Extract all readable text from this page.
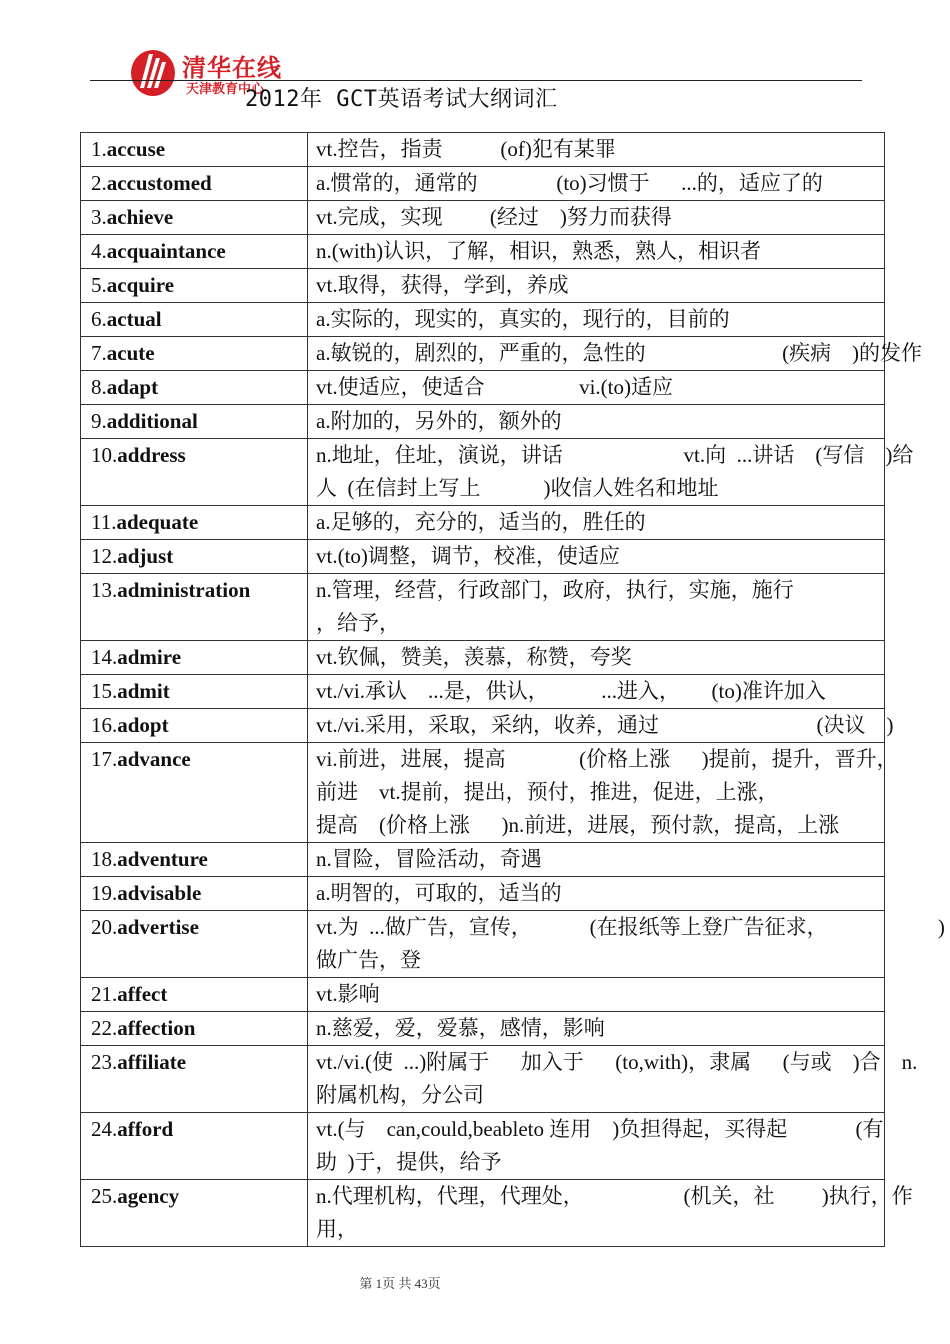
清华在线
天津教育中心
2012年 GCT英语考试大纲词汇
1.accuse	vt.控告，指责           (of)犯有某罪

2.accustomed	a.惯常的，通常的               (to)习惯于      ...的，适应了的

3.achieve	vt.完成，实现         (经过    )努力而获得

4.acquaintance	n.(with)认识，了解，相识，熟悉，熟人，相识者

5.acquire	vt.取得，获得，学到，养成

6.actual	a.实际的，现实的，真实的，现行的，目前的

7.acute	a.敏锐的，剧烈的，严重的，急性的                          (疾病    )的发作

8.adapt	vt.使适应，使适合                  vi.(to)适应

9.additional	a.附加的，另外的，额外的

10.address	n.地址，住址，演说，讲话                       vt.向  ...讲话    (写信    )给
人  (在信封上写上            )收信人姓名和地址

11.adequate	a.足够的，充分的，适当的，胜任的

12.adjust	vt.(to)调整，调节，校准，使适应

13.administration	n.管理，经营，行政部门，政府，执行，实施，施行
，给予，

14.admire	vt.钦佩，赞美，羡慕，称赞，夸奖

15.admit	vt./vi.承认    ...是，供认，          ...进入，      (to)准许加入

16.adopt	vt./vi.采用，采取，采纳，收养，通过                              (决议    )

17.advance	vi.前进，进展，提高              (价格上涨      )提前，提升，晋升，
前进    vt.提前，提出，预付，推进，促进，上涨，
提高    (价格上涨      )n.前进，进展，预付款，提高，上涨

18.adventure	n.冒险，冒险活动，奇遇

19.advisable	a.明智的，可取的，适当的

20.advertise	vt.为  ...做广告，宣传，           (在报纸等上登广告征求，                     )
做广告，登

21.affect	vt.影响

22.affection	n.慈爱，爱，爱慕，感情，影响

23.affiliate	vt./vi.(使  ...)附属于      加入于      (to,with)，隶属      (与或    )合    n.
附属机构，分公司

24.afford	vt.(与    can,could,beableto 连用    )负担得起，买得起             (有
助  )于，提供，给予

25.agency	n.代理机构，代理，代理处，                   (机关，社         )执行，作
用，
第 1页 共 43页
